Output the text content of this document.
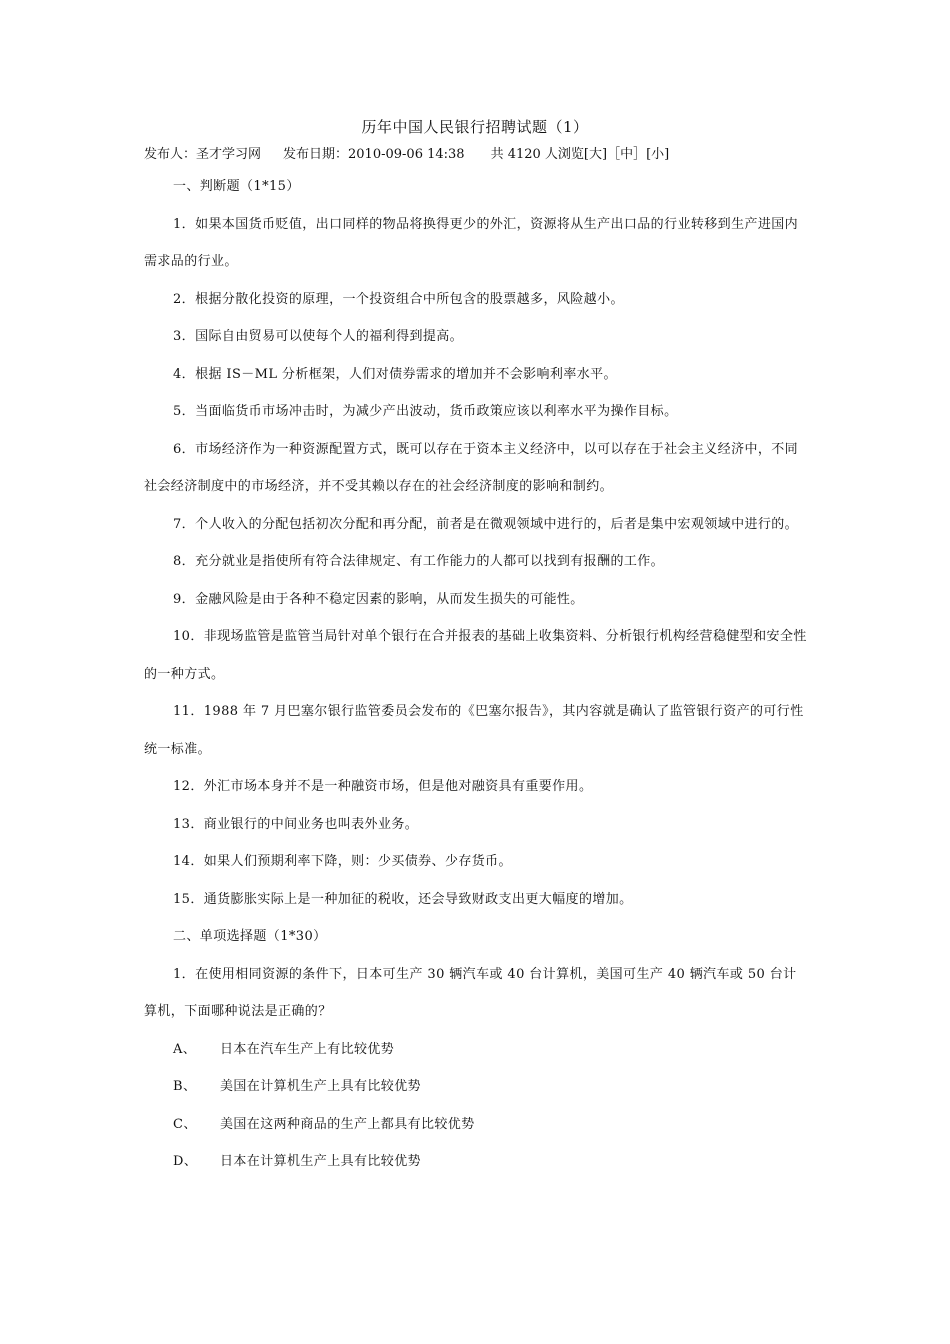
历年中国人民银行招聘试题（1）
发布人：圣才学习网 发布日期：2010-09-06 14:38 共 4120 人浏览[大]［中］[小]

一、判断题（1*15）

1．如果本国货币贬值，出口同样的物品将换得更少的外汇，资源将从生产出口品的行业转移到生产进国内需求品的行业。

2．根据分散化投资的原理，一个投资组合中所包含的股票越多，风险越小。

3．国际自由贸易可以使每个人的福利得到提高。

4．根据 IS－ML 分析框架，人们对债券需求的增加并不会影响利率水平。

5．当面临货币市场冲击时，为减少产出波动，货币政策应该以利率水平为操作目标。

6．市场经济作为一种资源配置方式，既可以存在于资本主义经济中，以可以存在于社会主义经济中，不同社会经济制度中的市场经济，并不受其赖以存在的社会经济制度的影响和制约。

7．个人收入的分配包括初次分配和再分配，前者是在微观领域中进行的，后者是集中宏观领域中进行的。

8．充分就业是指使所有符合法律规定、有工作能力的人都可以找到有报酬的工作。

9．金融风险是由于各种不稳定因素的影响，从而发生损失的可能性。

10．非现场监管是监管当局针对单个银行在合并报表的基础上收集资料、分析银行机构经营稳健型和安全性的一种方式。

11．1988 年 7 月巴塞尔银行监管委员会发布的《巴塞尔报告》，其内容就是确认了监管银行资产的可行性统一标准。

12．外汇市场本身并不是一种融资市场，但是他对融资具有重要作用。

13．商业银行的中间业务也叫表外业务。

14．如果人们预期利率下降，则：少买债券、少存货币。

15．通货膨胀实际上是一种加征的税收，还会导致财政支出更大幅度的增加。

二、单项选择题（1*30）

1．在使用相同资源的条件下，日本可生产 30 辆汽车或 40 台计算机，美国可生产 40 辆汽车或 50 台计算机，下面哪种说法是正确的？

A、 日本在汽车生产上有比较优势

B、 美国在计算机生产上具有比较优势

C、 美国在这两种商品的生产上都具有比较优势

D、 日本在计算机生产上具有比较优势
